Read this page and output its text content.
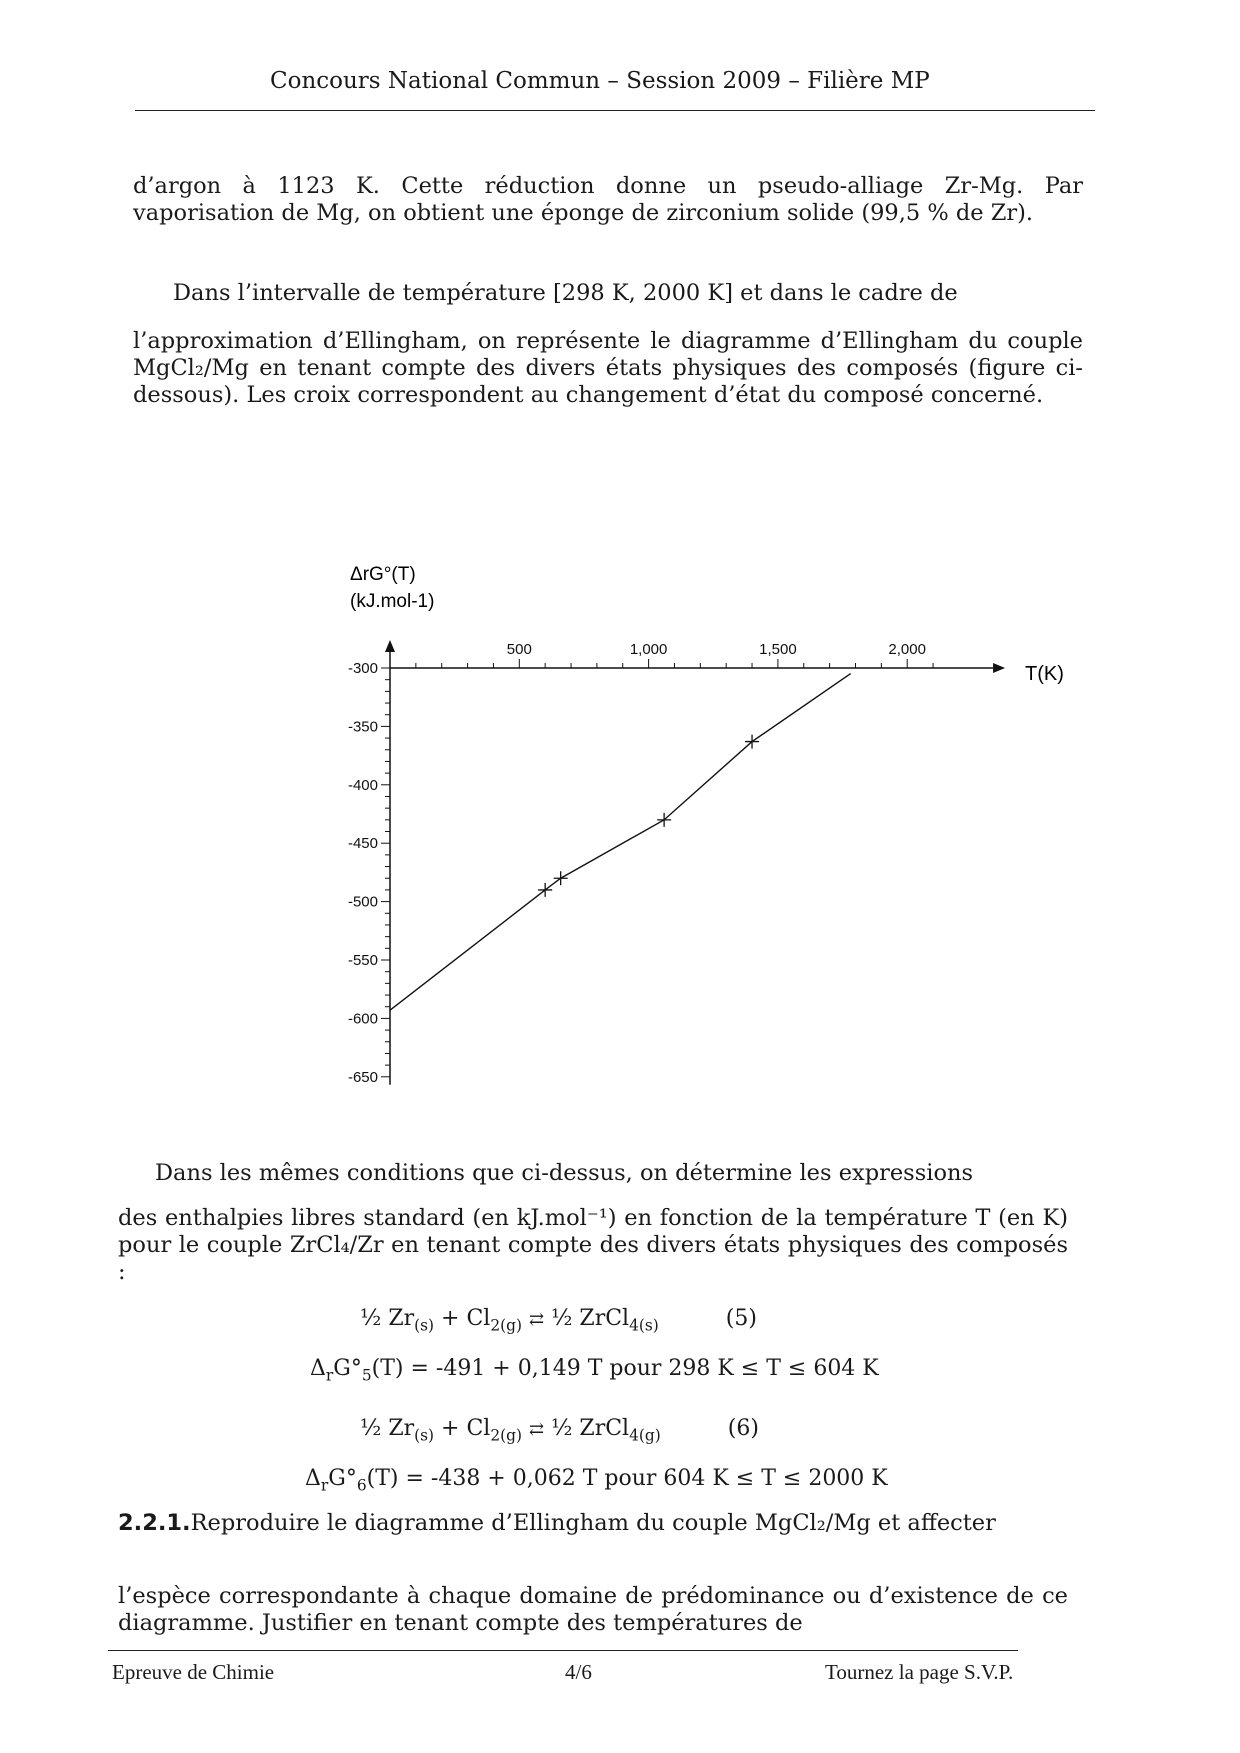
Concours National Commun – Session 2009 – Filière MP

d’argon à 1123 K. Cette réduction donne un pseudo-alliage Zr-Mg. Par vaporisation de Mg, on obtient une éponge de zirconium solide (99,5 % de Zr).

Dans l’intervalle de température [298 K, 2000 K] et dans le cadre de

l’approximation d’Ellingham, on représente le diagramme d’Ellingham du couple MgCl₂/Mg en tenant compte des divers états physiques des composés (figure ci-dessous). Les croix correspondent au changement d’état du composé concerné.

ΔrG°(T)
(kJ.mol-1)
500	1,000	1,500	2,000
-300
-350
-400
-450
-500
-550
-600
-650
T(K)

Dans les mêmes conditions que ci-dessus, on détermine les expressions

des enthalpies libres standard (en kJ.mol⁻¹) en fonction de la température T (en K) pour le couple ZrCl₄/Zr en tenant compte des divers états physiques des composés :

½ $Zr_{(s)} + Cl_{2(g)}$ ⇄ ½ ZrCl$_{4(s)}$	(5)
$\Delta_rG^\circ_5(T) = -491 + 0,149$ T pour 298 K ≤ T ≤ 604 K
½ $Zr_{(s)} + Cl_{2(g)}$ ⇄ ½ ZrCl$_{4(g)}$	(6)
$\Delta_rG^\circ_6(T) = -438 + 0,062$ T pour 604 K ≤ T ≤ 2000 K
2.2.1.Reproduire le diagramme d’Ellingham du couple MgCl₂/Mg et affecter

l’espèce correspondante à chaque domaine de prédominance ou d’existence de ce diagramme. Justifier en tenant compte des températures de

Epreuve de Chimie	4/6	Tournez la page S.V.P.
